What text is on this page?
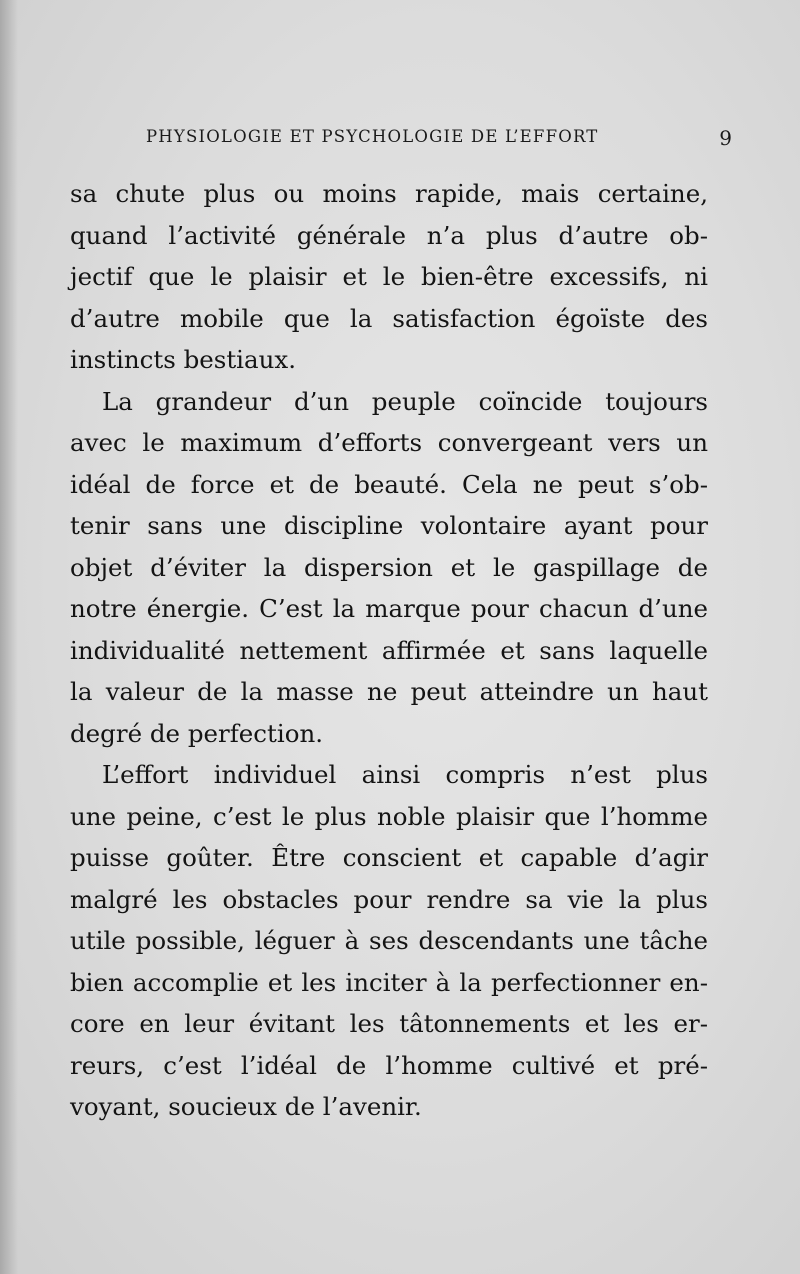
PHYSIOLOGIE ET PSYCHOLOGIE DE L’EFFORT	9
sa chute plus ou moins rapide, mais certaine,
quand l’activité générale n’a plus d’autre ob-
jectif que le plaisir et le bien-être excessifs, ni
d’autre mobile que la satisfaction égoïste des
instincts bestiaux.
La grandeur d’un peuple coïncide toujours
avec le maximum d’efforts convergeant vers un
idéal de force et de beauté. Cela ne peut s’ob-
tenir sans une discipline volontaire ayant pour
objet d’éviter la dispersion et le gaspillage de
notre énergie. C’est la marque pour chacun d’une
individualité nettement affirmée et sans laquelle
la valeur de la masse ne peut atteindre un haut
degré de perfection.
L’effort individuel ainsi compris n’est plus
une peine, c’est le plus noble plaisir que l’homme
puisse goûter. Être conscient et capable d’agir
malgré les obstacles pour rendre sa vie la plus
utile possible, léguer à ses descendants une tâche
bien accomplie et les inciter à la perfectionner en-
core en leur évitant les tâtonnements et les er-
reurs, c’est l’idéal de l’homme cultivé et pré-
voyant, soucieux de l’avenir.
